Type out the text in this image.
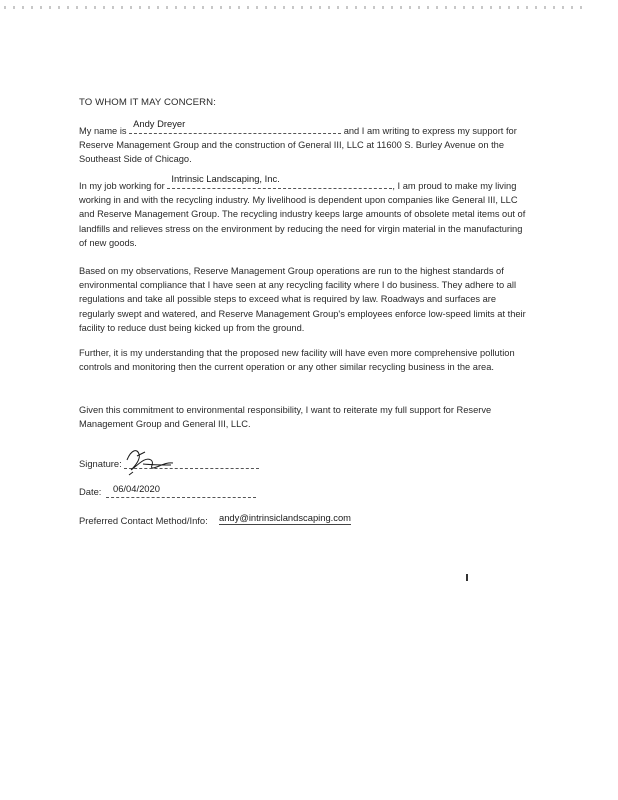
TO WHOM IT MAY CONCERN:

My name is
Andy Dreyer
and I am writing to express my support for Reserve Management Group and the construction of General III, LLC at 11600 S. Burley Avenue on the Southeast Side of Chicago.

In my job working for
Intrinsic Landscaping, Inc.
, I am proud to make my living working in and with the recycling industry. My livelihood is dependent upon companies like General III, LLC and Reserve Management Group. The recycling industry keeps large amounts of obsolete metal items out of landfills and relieves stress on the environment by reducing the need for virgin material in the manufacturing of new goods.

Based on my observations, Reserve Management Group operations are run to the highest standards of environmental compliance that I have seen at any recycling facility where I do business. They adhere to all regulations and take all possible steps to exceed what is required by law. Roadways and surfaces are regularly swept and watered, and Reserve Management Group's employees enforce low-speed limits at their facility to reduce dust being kicked up from the ground.

Further, it is my understanding that the proposed new facility will have even more comprehensive pollution controls and monitoring then the current operation or any other similar recycling business in the area.

Given this commitment to environmental responsibility, I want to reiterate my full support for Reserve Management Group and General III, LLC.

Signature:
Date: 06/04/2020
Preferred Contact Method/Info: andy@intrinsiclandscaping.com
